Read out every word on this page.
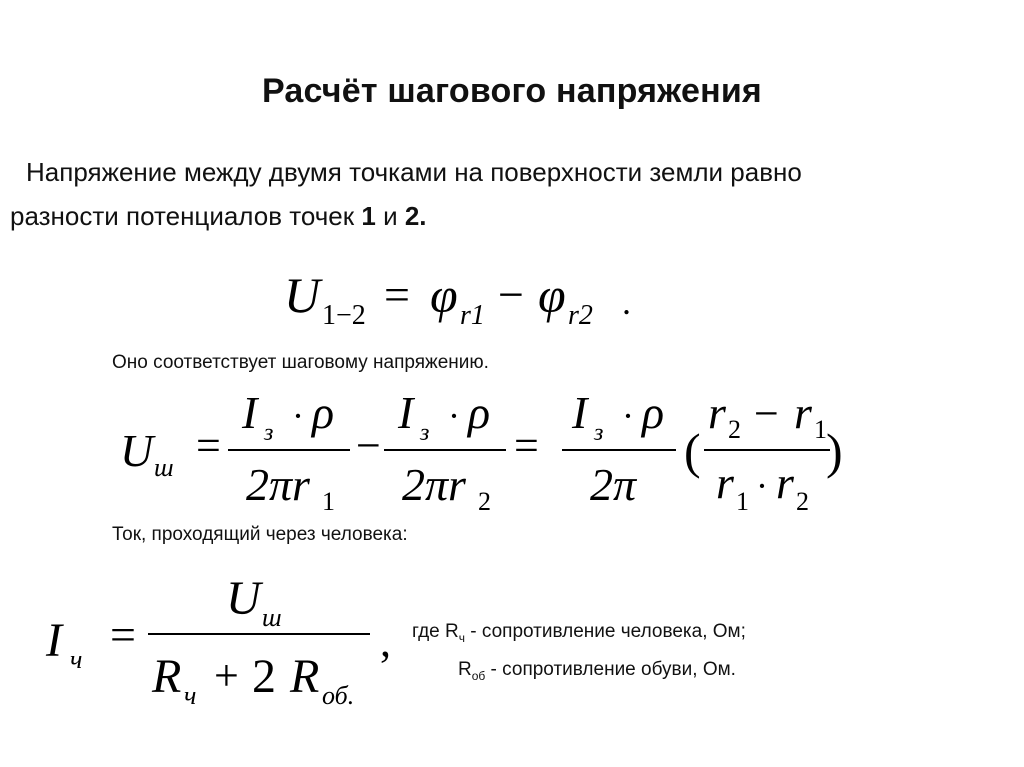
Расчёт шагового напряжения
Напряжение между двумя точками на поверхности земли равно
разности потенциалов точек 1 и 2.
U 1−2 = φ r1 − φ r2 .
Оно соответствует шаговому напряжению.
U ш =
I з · ρ
2πr 1
−
I з · ρ
2πr 2
=
I з · ρ
2π
(
r 2 − r 1
r 1 · r 2
)
Ток, проходящий через человека:
I ч =
U ш
R ч + 2 R об.
, где $R_ч$ - сопротивление человека, Ом;
$R_{об}$ - сопротивление обуви, Ом.
